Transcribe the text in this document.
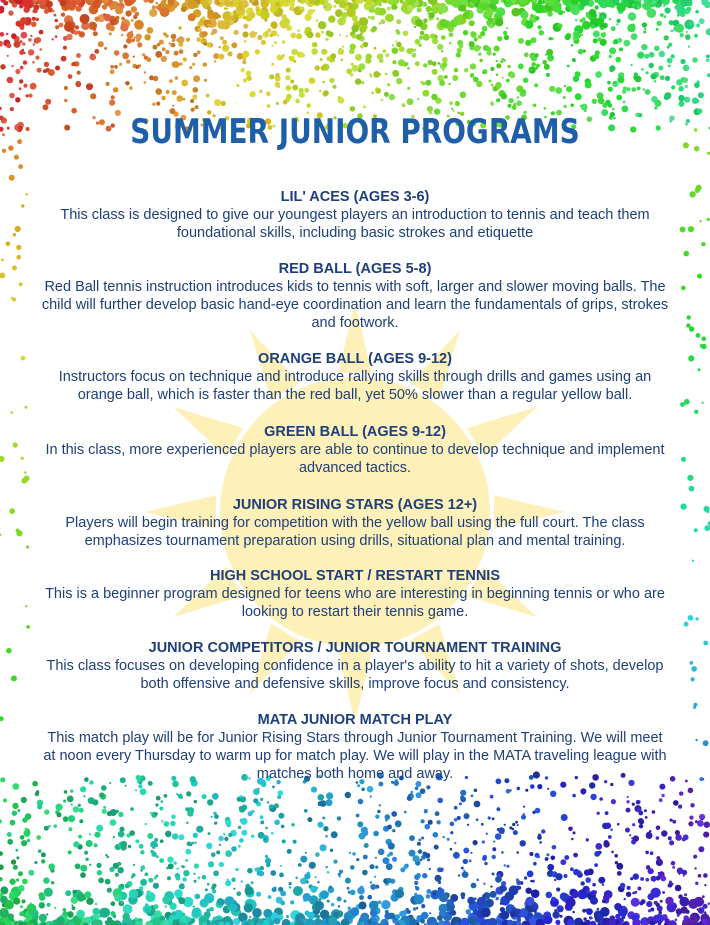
SUMMER JUNIOR PROGRAMS
LIL' ACES (AGES 3-6)

This class is designed to give our youngest players an introduction to tennis and teach them foundational skills, including basic strokes and etiquette

RED BALL (AGES 5-8)

Red Ball tennis instruction introduces kids to tennis with soft, larger and slower moving balls. The child will further develop basic hand-eye coordination and learn the fundamentals of grips, strokes and footwork.

ORANGE BALL (AGES 9-12)

Instructors focus on technique and introduce rallying skills through drills and games using an orange ball, which is faster than the red ball, yet 50% slower than a regular yellow ball.

GREEN BALL (AGES 9-12)

In this class, more experienced players are able to continue to develop technique and implement advanced tactics.

JUNIOR RISING STARS (AGES 12+)

Players will begin training for competition with the yellow ball using the full court. The class emphasizes tournament preparation using drills, situational plan and mental training.

HIGH SCHOOL START / RESTART TENNIS

This is a beginner program designed for teens who are interesting in beginning tennis or who are looking to restart their tennis game.

JUNIOR COMPETITORS / JUNIOR TOURNAMENT TRAINING

This class focuses on developing confidence in a player's ability to hit a variety of shots, develop both offensive and defensive skills, improve focus and consistency.

MATA JUNIOR MATCH PLAY

This match play will be for Junior Rising Stars through Junior Tournament Training. We will meet at noon every Thursday to warm up for match play. We will play in the MATA traveling league with matches both home and away.
